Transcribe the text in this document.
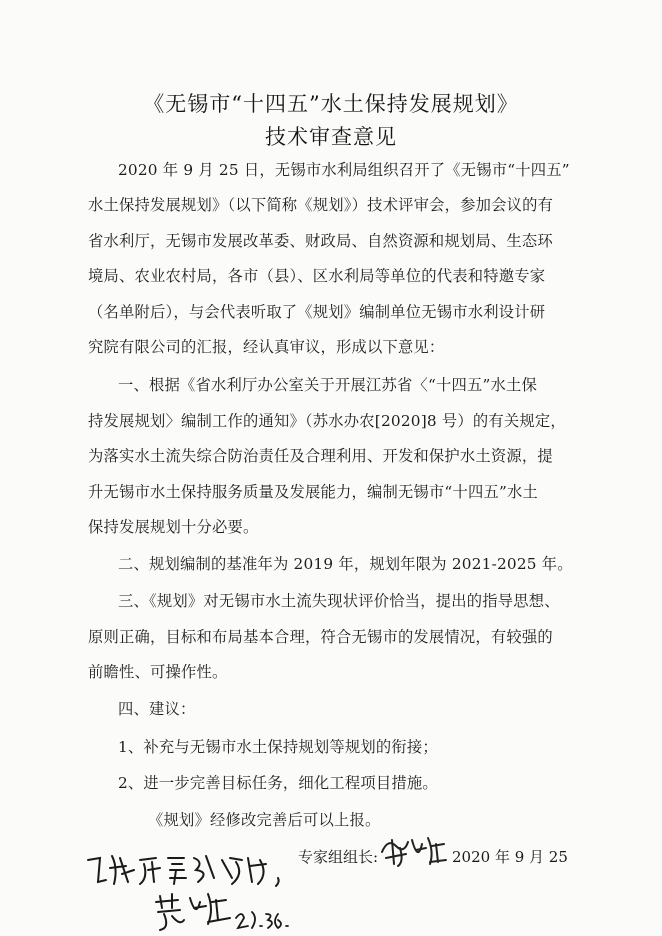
《无锡市“十四五”水土保持发展规划》
技术审查意见
2020 年 9 月 25 日，无锡市水利局组织召开了《无锡市“十四五”
水土保持发展规划》（以下简称《规划》）技术评审会，参加会议的有
省水利厅，无锡市发展改革委、财政局、自然资源和规划局、生态环
境局、农业农村局，各市（县）、区水利局等单位的代表和特邀专家
（名单附后），与会代表听取了《规划》编制单位无锡市水利设计研
究院有限公司的汇报，经认真审议，形成以下意见：
一、根据《省水利厅办公室关于开展江苏省〈“十四五”水土保
持发展规划〉编制工作的通知》（苏水办农[2020]8 号）的有关规定，
为落实水土流失综合防治责任及合理利用、开发和保护水土资源，提
升无锡市水土保持服务质量及发展能力，编制无锡市“十四五”水土
保持发展规划十分必要。
二、规划编制的基准年为 2019 年，规划年限为 2021-2025 年。
三、《规划》对无锡市水土流失现状评价恰当，提出的指导思想、
原则正确，目标和布局基本合理，符合无锡市的发展情况，有较强的
前瞻性、可操作性。
四、建议：
1、补充与无锡市水土保持规划等规划的衔接；
2、进一步完善目标任务，细化工程项目措施。
《规划》经修改完善后可以上报。
专家组组长:	2020 年 9 月 25
